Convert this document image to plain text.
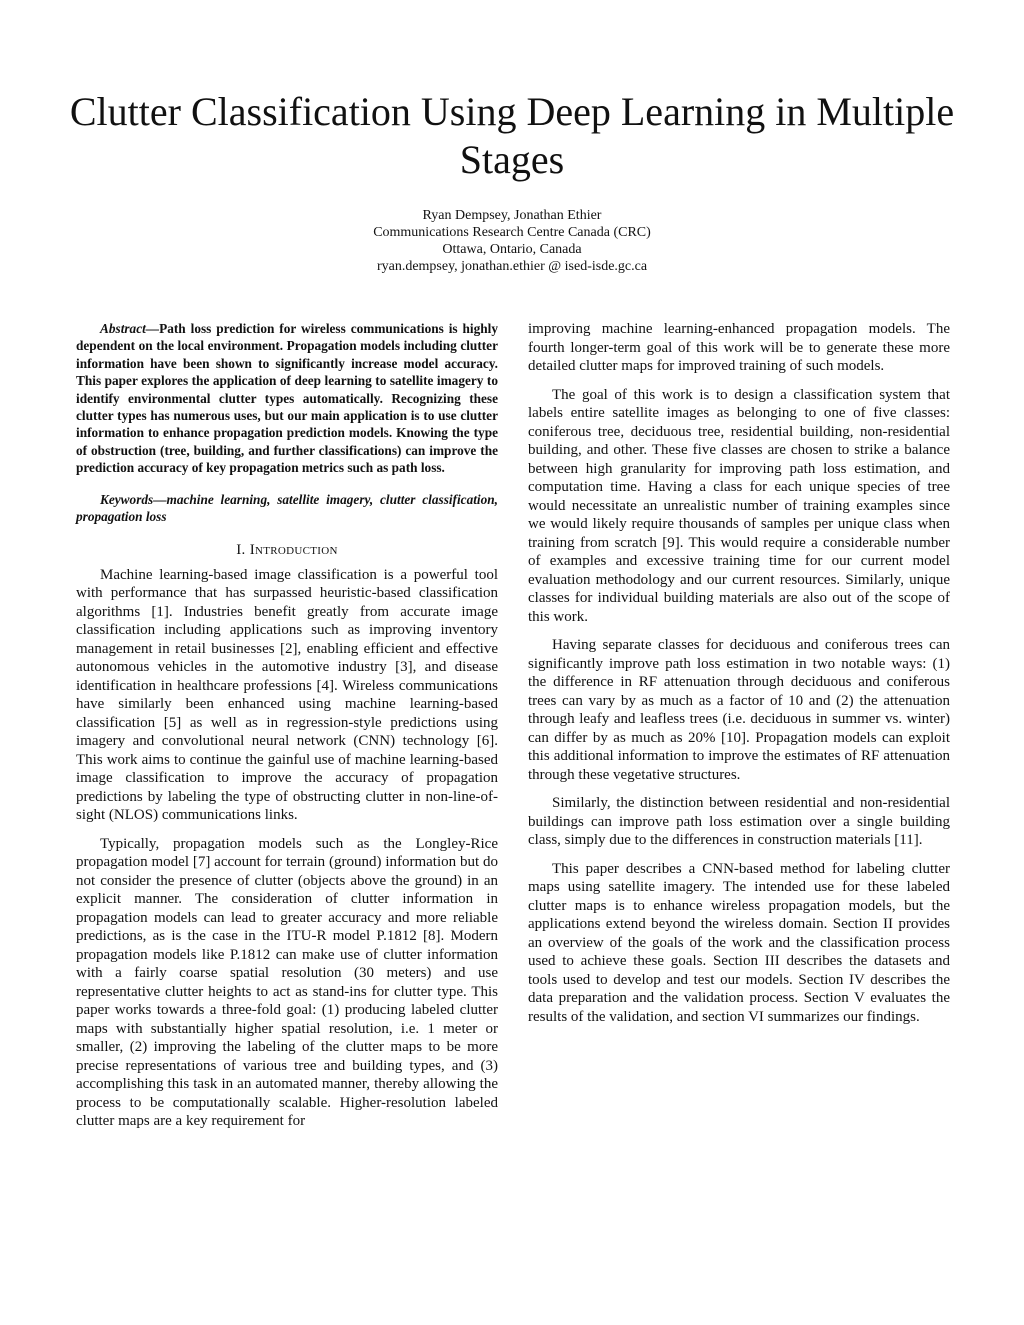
Clutter Classification Using Deep Learning in Multiple Stages
Ryan Dempsey, Jonathan Ethier
Communications Research Centre Canada (CRC)
Ottawa, Ontario, Canada
ryan.dempsey, jonathan.ethier @ ised-isde.gc.ca

Abstract—Path loss prediction for wireless communications is highly dependent on the local environment. Propagation models including clutter information have been shown to significantly increase model accuracy. This paper explores the application of deep learning to satellite imagery to identify environmental clutter types automatically. Recognizing these clutter types has numerous uses, but our main application is to use clutter information to enhance propagation prediction models. Knowing the type of obstruction (tree, building, and further classifications) can improve the prediction accuracy of key propagation metrics such as path loss.

Keywords—machine learning, satellite imagery, clutter classification, propagation loss

I. Introduction

Machine learning-based image classification is a powerful tool with performance that has surpassed heuristic-based classification algorithms [1]. Industries benefit greatly from accurate image classification including applications such as improving inventory management in retail businesses [2], enabling efficient and effective autonomous vehicles in the automotive industry [3], and disease identification in healthcare professions [4]. Wireless communications have similarly been enhanced using machine learning-based classification [5] as well as in regression-style predictions using imagery and convolutional neural network (CNN) technology [6]. This work aims to continue the gainful use of machine learning-based image classification to improve the accuracy of propagation predictions by labeling the type of obstructing clutter in non-line-of-sight (NLOS) communications links.

Typically, propagation models such as the Longley-Rice propagation model [7] account for terrain (ground) information but do not consider the presence of clutter (objects above the ground) in an explicit manner. The consideration of clutter information in propagation models can lead to greater accuracy and more reliable predictions, as is the case in the ITU-R model P.1812 [8]. Modern propagation models like P.1812 can make use of clutter information with a fairly coarse spatial resolution (30 meters) and use representative clutter heights to act as stand-ins for clutter type. This paper works towards a three-fold goal: (1) producing labeled clutter maps with substantially higher spatial resolution, i.e. 1 meter or smaller, (2) improving the labeling of the clutter maps to be more precise representations of various tree and building types, and (3) accomplishing this task in an automated manner, thereby allowing the process to be computationally scalable. Higher-resolution labeled clutter maps are a key requirement for

improving machine learning-enhanced propagation models. The fourth longer-term goal of this work will be to generate these more detailed clutter maps for improved training of such models.

The goal of this work is to design a classification system that labels entire satellite images as belonging to one of five classes: coniferous tree, deciduous tree, residential building, non-residential building, and other. These five classes are chosen to strike a balance between high granularity for improving path loss estimation, and computation time. Having a class for each unique species of tree would necessitate an unrealistic number of training examples since we would likely require thousands of samples per unique class when training from scratch [9]. This would require a considerable number of examples and excessive training time for our current model evaluation methodology and our current resources. Similarly, unique classes for individual building materials are also out of the scope of this work.

Having separate classes for deciduous and coniferous trees can significantly improve path loss estimation in two notable ways: (1) the difference in RF attenuation through deciduous and coniferous trees can vary by as much as a factor of 10 and (2) the attenuation through leafy and leafless trees (i.e. deciduous in summer vs. winter) can differ by as much as 20% [10]. Propagation models can exploit this additional information to improve the estimates of RF attenuation through these vegetative structures.

Similarly, the distinction between residential and non-residential buildings can improve path loss estimation over a single building class, simply due to the differences in construction materials [11].

This paper describes a CNN-based method for labeling clutter maps using satellite imagery. The intended use for these labeled clutter maps is to enhance wireless propagation models, but the applications extend beyond the wireless domain. Section II provides an overview of the goals of the work and the classification process used to achieve these goals. Section III describes the datasets and tools used to develop and test our models. Section IV describes the data preparation and the validation process. Section V evaluates the results of the validation, and section VI summarizes our findings.
